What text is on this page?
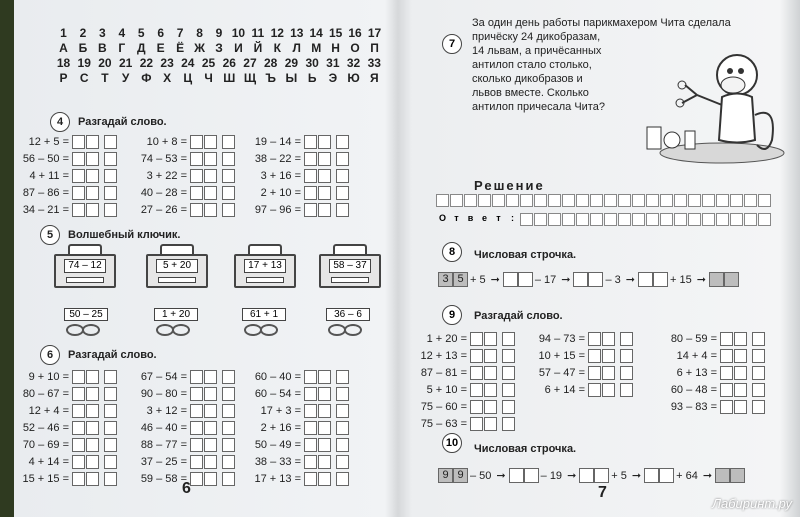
1	2	3	4	5	6	7	8	9 10 11 12 13 14 15 16 17
А Б В Г Д Е Ё Ж З И Й К Л М Н О П
18 19 20 21 22 23 24 25 26 27 28 29 30 31 32 33
Р	С	Т	У Ф Х	Ц	Ч Ш Щ Ъ Ы Ь	Э Ю Я
4	Разгадай слово.
12 + 5 =
56 – 50 =
4 + 11 =
87 – 86 =
34 – 21 =
10 + 8 =
74 – 53 =
3 + 22 =
40 – 28 =
27 – 26 =
19 – 14 =
38 – 22 =
3 + 16 =
2 + 10 =
97 – 96 =
5	Волшебный ключик.
74 – 12	5 + 20	17 + 13	58 – 37
50 – 25	1 + 20	61 + 1	36 – 6
6	Разгадай слово.
9 + 10 =
80 – 67 =
12 + 4 =
52 – 46 =
70 – 69 =
4 + 14 =
15 + 15 =
67 – 54 =
90 – 80 =
3 + 12 =
46 – 40 =
88 – 77 =
37 – 25 =
59 – 58 =
60 – 40 =
60 – 54 =
17 + 3 =
2 + 16 =
50 – 49 =
38 – 33 =
17 + 13 =
6
7
За один день работы парикмахером Чита сделала
причёску 24 дикобразам,
14 львам, а причёсанных
антилоп стало столько,
сколько дикобразов и
львов вместе. Сколько
антилоп причесала Чита?
Решение
О т	в е	т	:
8	Числовая строчка.
3 5 + 5 ➞	– 17 ➞	– 3 ➞	+ 15 ➞
9	Разгадай слово.
1 + 20 =
12 + 13 =
87 – 81 =
5 + 10 =
75 – 60 =
75 – 63 =
94 – 73 =
10 + 15 =
57 – 47 =
6 + 14 =
80 – 59 =
14 + 4 =
6 + 13 =
60 – 48 =
93 – 83 =
10	Числовая строчка.
9 9 – 50 ➞	– 19 ➞	+ 5 ➞	+ 64 ➞
7
Лабиринт.ру
